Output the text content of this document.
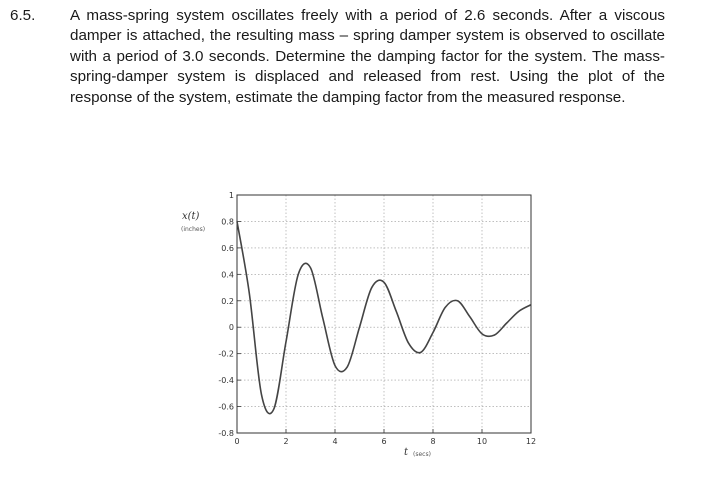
6.5.	A mass-spring system oscillates freely with a period of 2.6 seconds. After a viscous damper is attached, the resulting mass – spring damper system is observed to oscillate with a period of 3.0 seconds. Determine the damping factor for the system. The mass-spring-damper system is displaced and released from rest. Using the plot of the response of the system, estimate the damping factor from the measured response.
-0.8
-0.6
-0.4
-0.2
0
0.2
0.4
0.6
0.8
1
0	2	4	6	8	10	12
x(t)
(inches)
t (secs)
